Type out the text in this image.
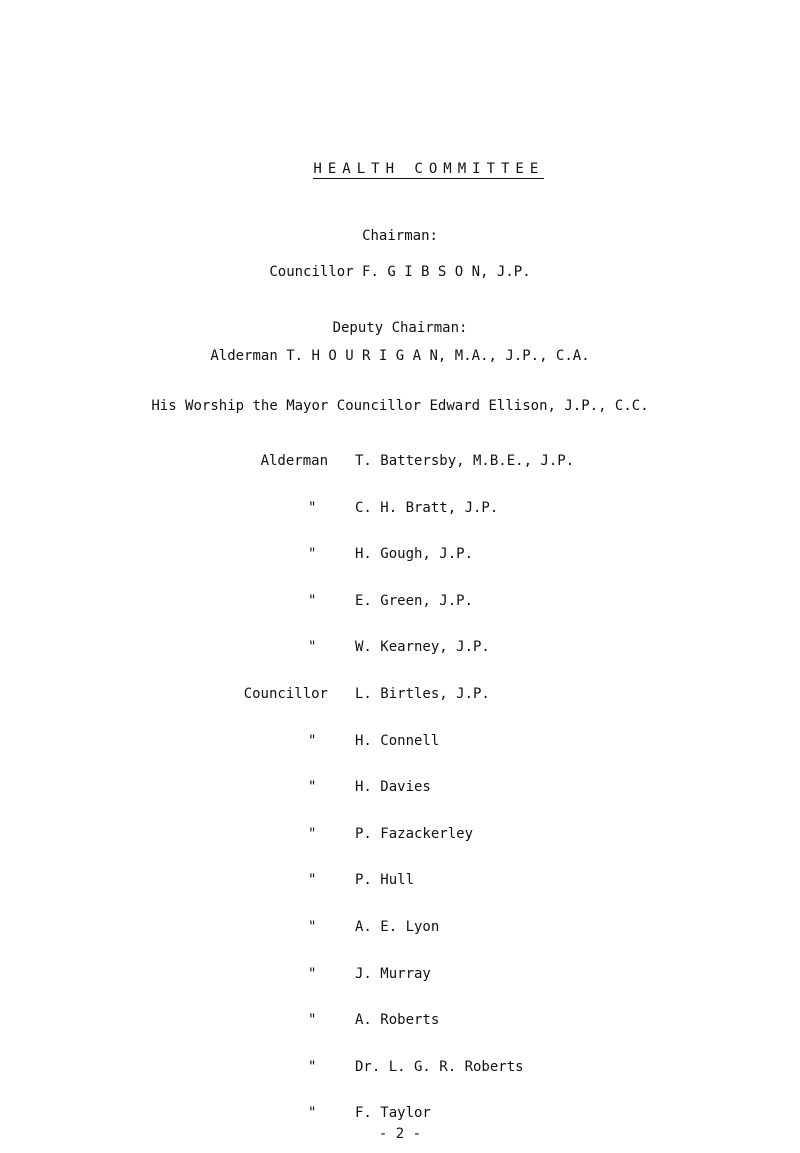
HEALTH COMMITTEE

Chairman:
Councillor F. G I B S O N, J.P.
Deputy Chairman:
Alderman T. H O U R I G A N, M.A., J.P., C.A.
His Worship the Mayor Councillor Edward Ellison, J.P., C.C.
Alderman T. Battersby, M.B.E., J.P.
"	C. H. Bratt, J.P.
"	H. Gough, J.P.
"	E. Green, J.P.
"	W. Kearney, J.P.
Councillor L. Birtles, J.P.
"	H. Connell
"	H. Davies
"	P. Fazackerley
"	P. Hull
"	A. E. Lyon
"	J. Murray
"	A. Roberts
"	Dr. L. G. R. Roberts
"	F. Taylor
- 2 -
